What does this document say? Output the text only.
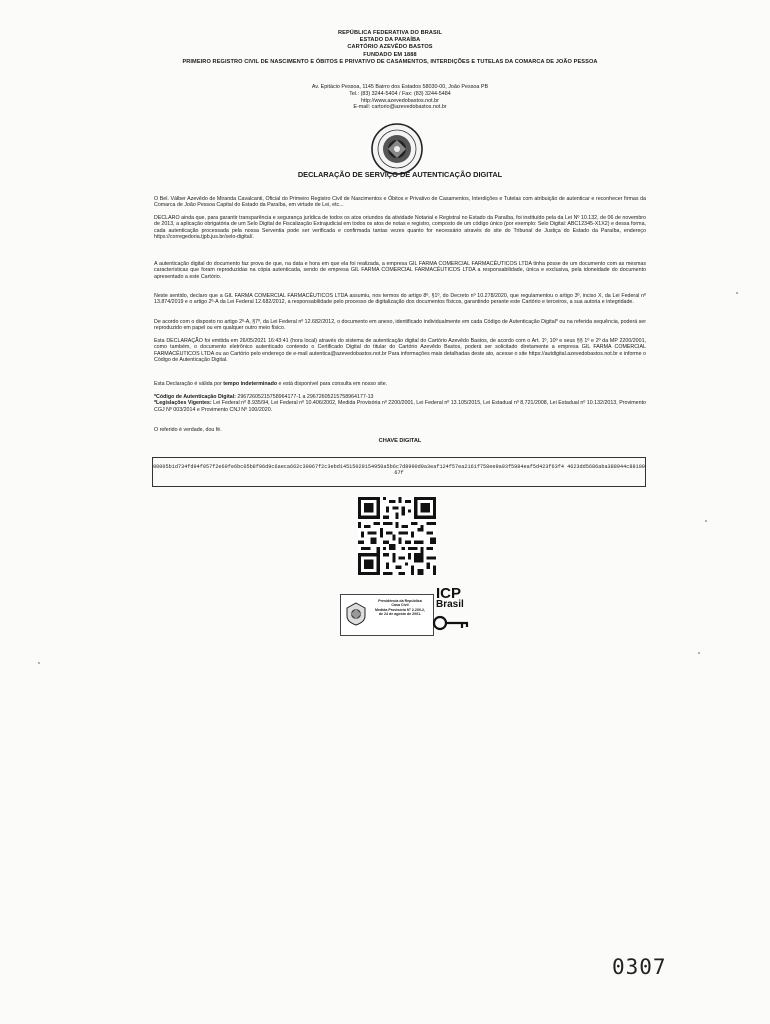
REPÚBLICA FEDERATIVA DO BRASIL
ESTADO DA PARAÍBA
CARTÓRIO AZEVÊDO BASTOS
FUNDADO EM 1888
PRIMEIRO REGISTRO CIVIL DE NASCIMENTO E ÓBITOS E PRIVATIVO DE CASAMENTOS, INTERDIÇÕES E TUTELAS DA COMARCA DE JOÃO PESSOA
Av. Epitácio Pessoa, 1145 Bairro dos Estados 58030-00, João Pessoa PB
Tel.: (83) 3244-5404 / Fax: (83) 3244-5484
http://www.azevedobastos.not.br
E-mail: cartorio@azevedobastos.not.br
DECLARAÇÃO DE SERVIÇO DE AUTENTICAÇÃO DIGITAL
O Bel. Válber Azevêdo de Miranda Cavalcanti, Oficial do Primeiro Registro Civil de Nascimentos e Óbitos e Privativo de Casamentos, Interdições e Tutelas com atribuição de autenticar e reconhecer firmas da Comarca de João Pessoa Capital do Estado da Paraíba, em virtude de Lei, etc...
DECLARO ainda que, para garantir transparência e segurança jurídica de todos os atos oriundos da atividade Notarial e Registral no Estado da Paraíba, foi instituído pela da Lei Nº 10.132, de 06 de novembro de 2013, a aplicação obrigatória de um Selo Digital de Fiscalização Extrajudicial em todos os atos de notas e registro, composto de um código único (por exemplo: Selo Digital: ABC12345-X1X2) e dessa forma, cada autenticação processada pela nossa Serventia pode ser verificada e confirmada tantas vezes quanto for necessário através do site do Tribunal de Justiça do Estado da Paraíba, endereço https://corregedoria.tjpb.jus.br/selo-digital/.
A autenticação digital do documento faz prova de que, na data e hora em que ela foi realizada, a empresa GIL FARMA COMERCIAL FARMACÊUTICOS LTDA tinha posse de um documento com as mesmas características que foram reproduzidas na cópia autenticada, sendo de empresa GIL FARMA COMERCIAL FARMACÊUTICOS LTDA a responsabilidade, única e exclusiva, pela idoneidade do documento apresentado a este Cartório.
Neste sentido, declaro que a GIL FARMA COMERCIAL FARMACÊUTICOS LTDA assumiu, nos termos do artigo 8º, §1º, do Decreto nº 10.278/2020, que regulamentou o artigo 3º, inciso X, da Lei Federal nº 13.874/2019 e o artigo 2º-A da Lei Federal 12.682/2012, a responsabilidade pelo processo de digitalização dos documentos físicos, garantindo perante este Cartório e terceiros, a sua autoria e integridade.
De acordo com o disposto no artigo 2º-A, §7º, da Lei Federal nº 12.682/2012, o documento em anexo, identificado individualmente em cada Código de Autenticação Digital* ou na referida sequência, poderá ser reproduzido em papel ou em qualquer outro meio físico.
Esta DECLARAÇÃO foi emitida em 26/05/2021 16:43:41 (hora local) através do sistema de autenticação digital do Cartório Azevêdo Bastos, de acordo com o Art. 1º, 10º e seus §§ 1º e 2º da MP 2200/2001, como também, o documento eletrônico autenticado contendo o Certificado Digital do titular do Cartório Azevêdo Bastos, poderá ser solicitado diretamente a empresa GIL FARMA COMERCIAL FARMACÊUTICOS LTDA ou ao Cartório pelo endereço de e-mail autentica@azevedobastos.not.br Para informações mais detalhadas deste ato, acesse o site https://autdigital.azevedobastos.not.br e informe o Código de Autenticação Digital.
Esta Declaração é válida por tempo indeterminado e está disponível para consulta em nosso site.
*Código de Autenticação Digital: 29672605215758964177-1 a 29672605215758964177-13
*Legislações Vigentes: Lei Federal nº 8.935/94, Lei Federal nº 10.406/2002, Medida Provisória nº 2200/2001, Lei Federal nº 13.105/2015, Lei Estadual nº 8.721/2008, Lei Estadual nº 10.132/2013, Provimento CGJ Nº 003/2014 e Provimento CNJ Nº 100/2020.
O referido é verdade, dou fé.
CHAVE DIGITAL
00005b1d734fd94f057f2e69fe6bc05b8f96d9c6aeca662c30067f2c3ebd14515029154950a5b6c7d8990d9a3eaf124f57ea2161f758ee9a93f5984eaf5d423f63f4 4623dd5686aba388944c8810067f
Presidência da República
Casa Civil
Medida Provisória Nº 2.200-2,
de 24 de agosto de 2001.
ICP
Brasil
0307
